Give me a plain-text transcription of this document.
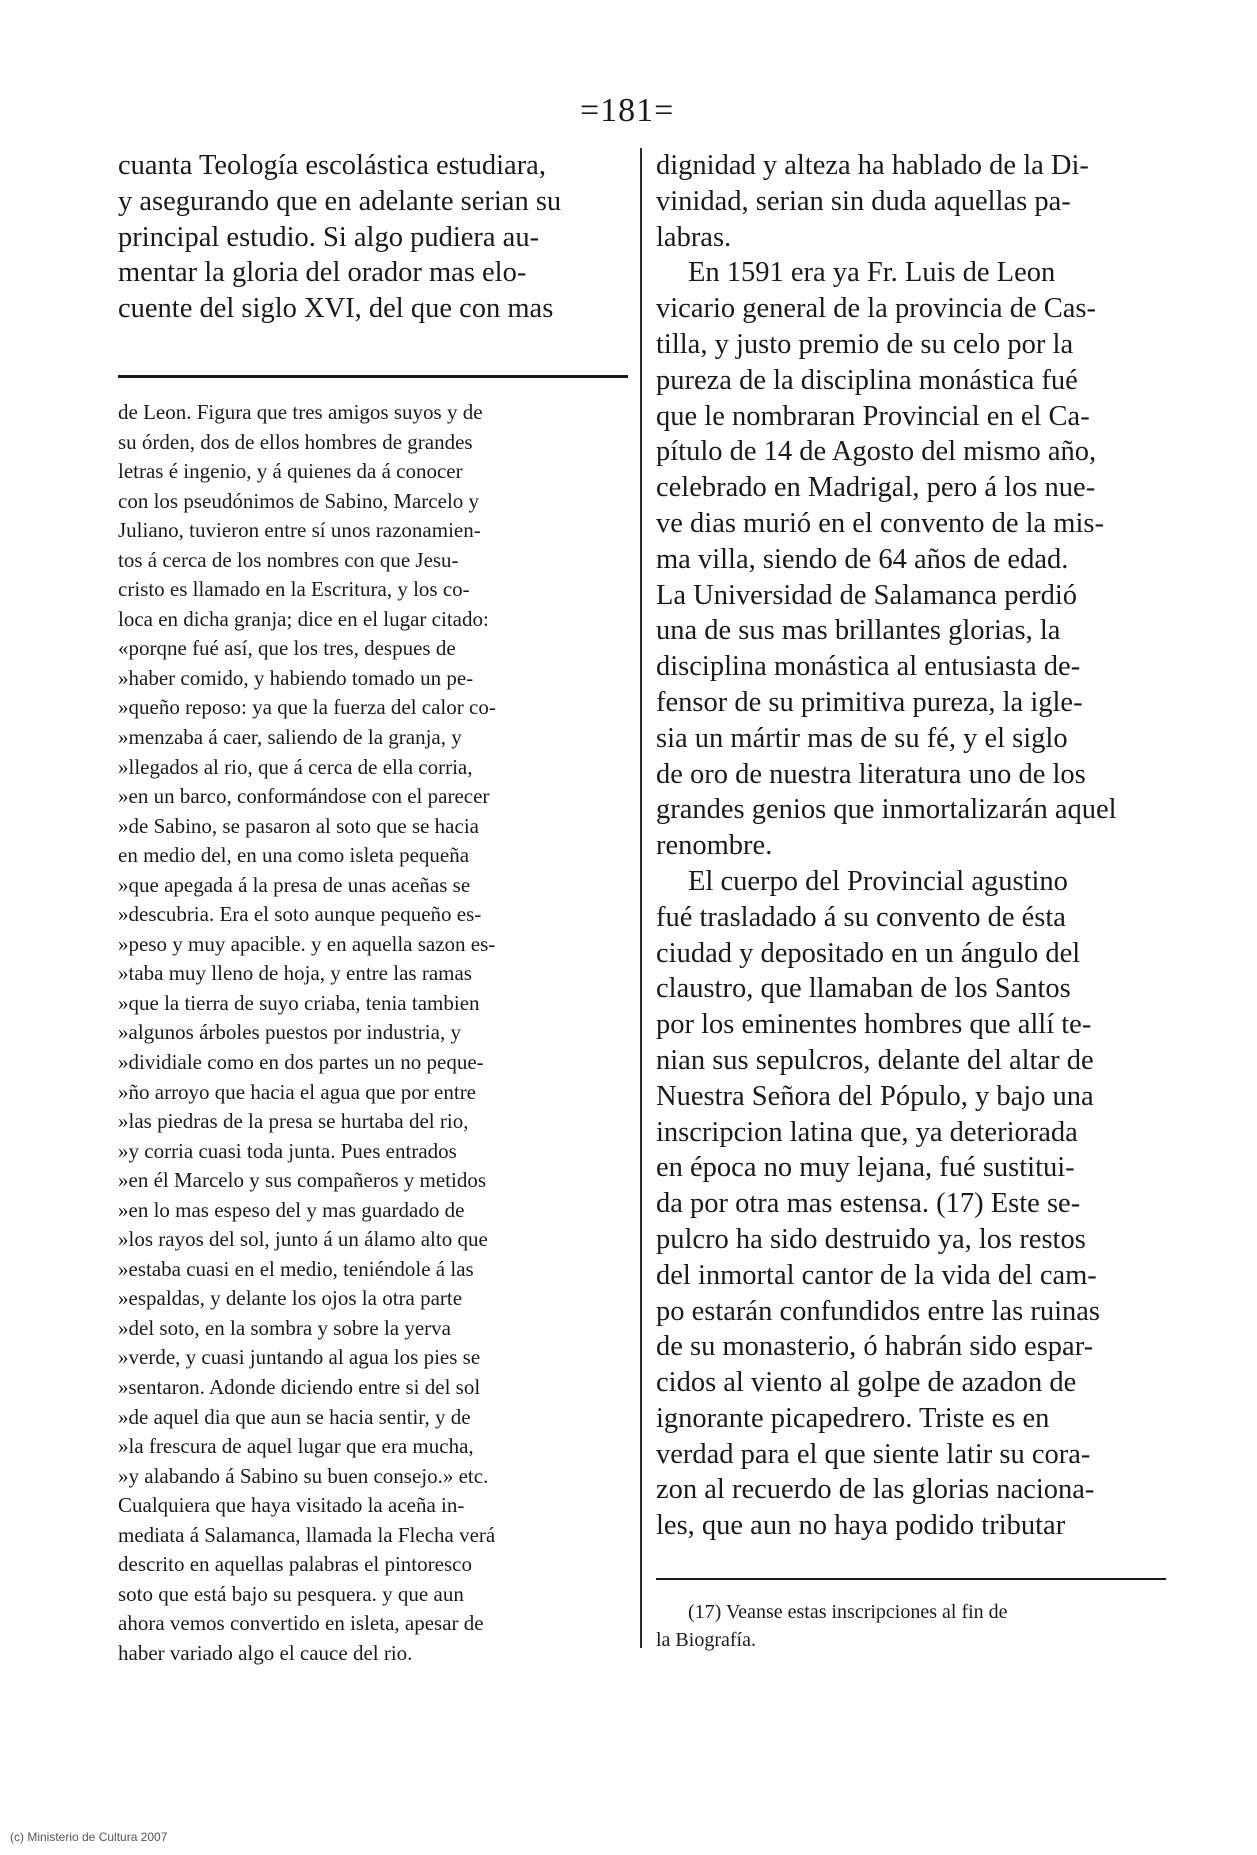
=181=

cuanta Teología escolástica estudiara,
y asegurando que en adelante serian su
principal estudio. Si algo pudiera au-
mentar la gloria del orador mas elo-
cuente del siglo XVI, del que con mas

de Leon. Figura que tres amigos suyos y de
su órden, dos de ellos hombres de grandes
letras é ingenio, y á quienes da á conocer
con los pseudónimos de Sabino, Marcelo y
Juliano, tuvieron entre sí unos razonamien-
tos á cerca de los nombres con que Jesu-
cristo es llamado en la Escritura, y los co-
loca en dicha granja; dice en el lugar citado:
«porqne fué así, que los tres, despues de
»haber comido, y habiendo tomado un pe-
»queño reposo: ya que la fuerza del calor co-
»menzaba á caer, saliendo de la granja, y
»llegados al rio, que á cerca de ella corria,
»en un barco, conformándose con el parecer
»de Sabino, se pasaron al soto que se hacia
en medio del, en una como isleta pequeña
»que apegada á la presa de unas aceñas se
»descubria. Era el soto aunque pequeño es-
»peso y muy apacible. y en aquella sazon es-
»taba muy lleno de hoja, y entre las ramas
»que la tierra de suyo criaba, tenia tambien
»algunos árboles puestos por industria, y
»dividiale como en dos partes un no peque-
»ño arroyo que hacia el agua que por entre
»las piedras de la presa se hurtaba del rio,
»y corria cuasi toda junta. Pues entrados
»en él Marcelo y sus compañeros y metidos
»en lo mas espeso del y mas guardado de
»los rayos del sol, junto á un álamo alto que
»estaba cuasi en el medio, teniéndole á las
»espaldas, y delante los ojos la otra parte
»del soto, en la sombra y sobre la yerva
»verde, y cuasi juntando al agua los pies se
»sentaron. Adonde diciendo entre si del sol
»de aquel dia que aun se hacia sentir, y de
»la frescura de aquel lugar que era mucha,
»y alabando á Sabino su buen consejo.» etc.
Cualquiera que haya visitado la aceña in-
mediata á Salamanca, llamada la Flecha verá
descrito en aquellas palabras el pintoresco
soto que está bajo su pesquera. y que aun
ahora vemos convertido en isleta, apesar de
haber variado algo el cauce del rio.

dignidad y alteza ha hablado de la Di-
vinidad, serian sin duda aquellas pa-
labras.
En 1591 era ya Fr. Luis de Leon
vicario general de la provincia de Cas-
tilla, y justo premio de su celo por la
pureza de la disciplina monástica fué
que le nombraran Provincial en el Ca-
pítulo de 14 de Agosto del mismo año,
celebrado en Madrigal, pero á los nue-
ve dias murió en el convento de la mis-
ma villa, siendo de 64 años de edad.
La Universidad de Salamanca perdió
una de sus mas brillantes glorias, la
disciplina monástica al entusiasta de-
fensor de su primitiva pureza, la igle-
sia un mártir mas de su fé, y el siglo
de oro de nuestra literatura uno de los
grandes genios que inmortalizarán aquel
renombre.
El cuerpo del Provincial agustino
fué trasladado á su convento de ésta
ciudad y depositado en un ángulo del
claustro, que llamaban de los Santos
por los eminentes hombres que allí te-
nian sus sepulcros, delante del altar de
Nuestra Señora del Pópulo, y bajo una
inscripcion latina que, ya deteriorada
en época no muy lejana, fué sustitui-
da por otra mas estensa. (17) Este se-
pulcro ha sido destruido ya, los restos
del inmortal cantor de la vida del cam-
po estarán confundidos entre las ruinas
de su monasterio, ó habrán sido espar-
cidos al viento al golpe de azadon de
ignorante picapedrero. Triste es en
verdad para el que siente latir su cora-
zon al recuerdo de las glorias naciona-
les, que aun no haya podido tributar

(17) Veanse estas inscripciones al fin de
la Biografía.

(c) Ministerio de Cultura 2007
